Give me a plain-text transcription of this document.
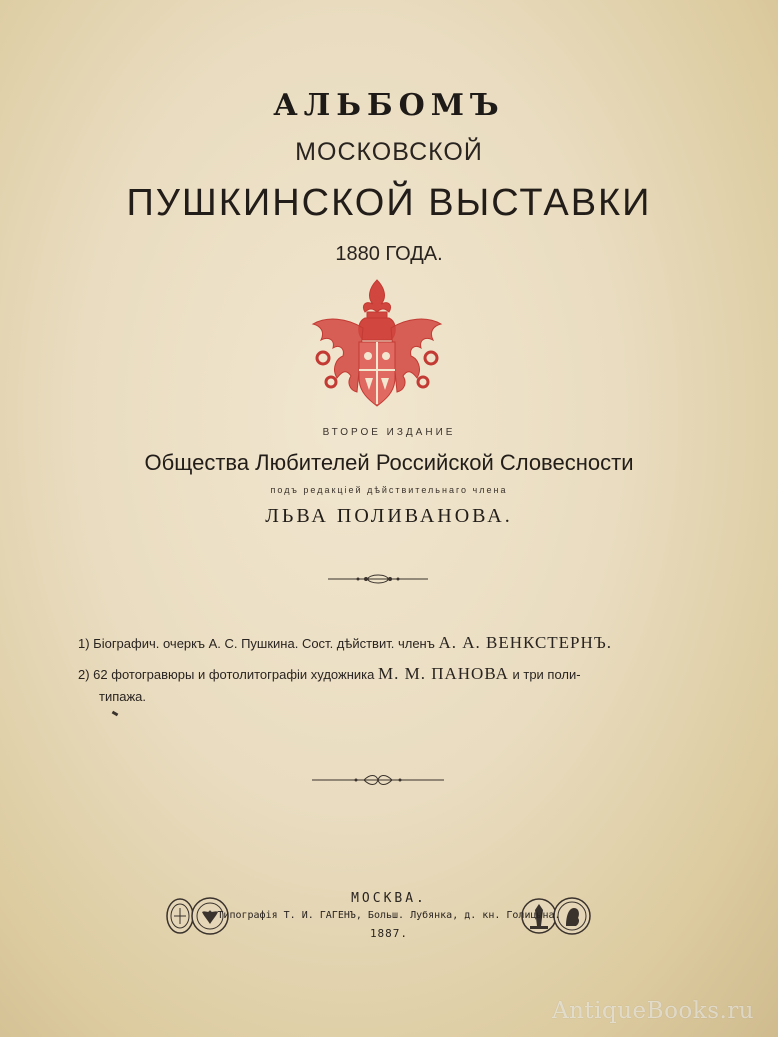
АЛЬБОМЪ
МОСКОВСКОЙ
ПУШКИНСКОЙ ВЫСТАВКИ
1880 ГОДА.
ВТОРОЕ ИЗДАНИЕ
Общества Любителей Российской Словесности
подъ редакціей дѣйствительнаго члена
ЛЬВА ПОЛИВАНОВА.
1) Біографич. очеркъ А. С. Пушкина. Сост. дѣйствит. членъ А. А. ВЕНКСТЕРНЪ.
2) 62 фотогравюры и фотолитографіи художника М. М. ПАНОВА и три поли-
типажа.
МОСКВА.
Типографія Т. И. ГАГЕНЪ, Больш. Лубянка, д. кн. Голицына.
1887.
AntiqueBooks.ru
